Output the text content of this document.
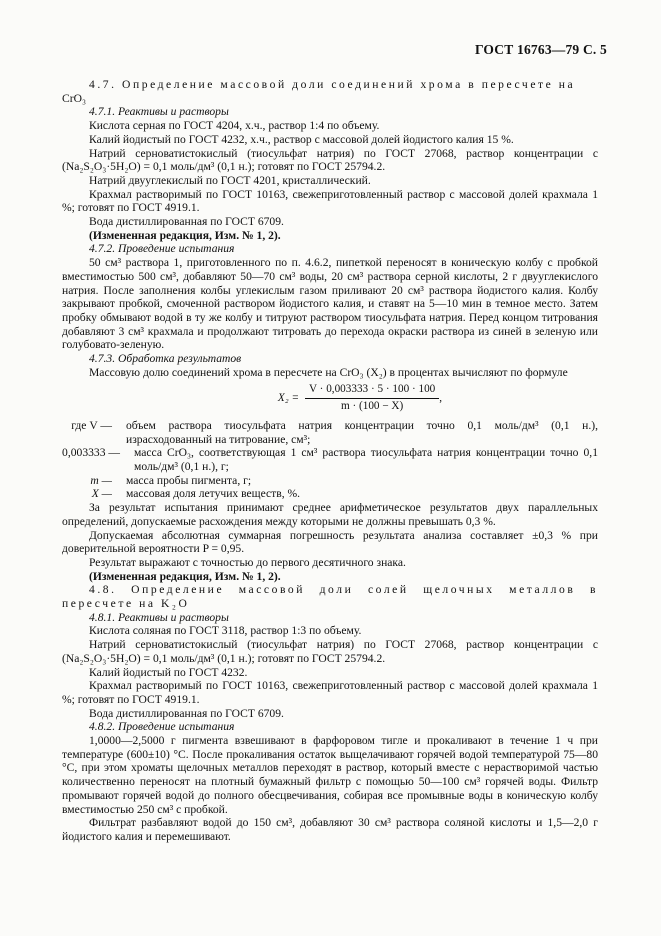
ГОСТ 16763—79 С. 5

4.7. Определение массовой доли соединений хрома в пересчете на

CrO₃

4.7.1. Реактивы и растворы

Кислота серная по ГОСТ 4204, х.ч., раствор 1:4 по объему.

Калий йодистый по ГОСТ 4232, х.ч., раствор с массовой долей йодистого калия 15 %.

Натрий серноватистокислый (тиосульфат натрия) по ГОСТ 27068, раствор концентрации c (Na₂S₂O₃·5H₂O) = 0,1 моль/дм³ (0,1 н.); готовят по ГОСТ 25794.2.

Натрий двууглекислый по ГОСТ 4201, кристаллический.

Крахмал растворимый по ГОСТ 10163, свежеприготовленный раствор с массовой долей крахмала 1 %; готовят по ГОСТ 4919.1.

Вода дистиллированная по ГОСТ 6709.

(Измененная редакция, Изм. № 1, 2).

4.7.2. Проведение испытания

50 см³ раствора 1, приготовленного по п. 4.6.2, пипеткой переносят в коническую колбу с пробкой вместимостью 500 см³, добавляют 50—70 см³ воды, 20 см³ раствора серной кислоты, 2 г двууглекислого натрия. После заполнения колбы углекислым газом приливают 20 см³ раствора йодистого калия. Колбу закрывают пробкой, смоченной раствором йодистого калия, и ставят на 5—10 мин в темное место. Затем пробку обмывают водой в ту же колбу и титруют раствором тиосульфата натрия. Перед концом титрования добавляют 3 см³ крахмала и продолжают титровать до перехода окраски раствора из синей в зеленую или голубовато-зеленую.

4.7.3. Обработка результатов

Массовую долю соединений хрома в пересчете на CrO₃ (X₂) в процентах вычисляют по формуле

$X_2 = \frac{V \cdot 0,003333 \cdot 5 \cdot 100 \cdot 100}{m \cdot (100 - X)}$ ,
где V —	объем раствора тиосульфата натрия концентрации точно 0,1 моль/дм³ (0,1 н.), израсходованный на титрование, см³;
0,003333 —	масса CrO₃, соответствующая 1 см³ раствора тиосульфата натрия концентрации точно 0,1 моль/дм³ (0,1 н.), г;
m —	масса пробы пигмента, г;
X —	массовая доля летучих веществ, %.

За результат испытания принимают среднее арифметическое результатов двух параллельных определений, допускаемые расхождения между которыми не должны превышать 0,3 %.

Допускаемая абсолютная суммарная погрешность результата анализа составляет ±0,3 % при доверительной вероятности P = 0,95.

Результат выражают с точностью до первого десятичного знака.

(Измененная редакция, Изм. № 1, 2).

4.8. Определение массовой доли солей щелочных металлов в пересчете на K₂O

4.8.1. Реактивы и растворы

Кислота соляная по ГОСТ 3118, раствор 1:3 по объему.

Натрий серноватистокислый (тиосульфат натрия) по ГОСТ 27068, раствор концентрации c (Na₂S₂O₃·5H₂O) = 0,1 моль/дм³ (0,1 н.); готовят по ГОСТ 25794.2.

Калий йодистый по ГОСТ 4232.

Крахмал растворимый по ГОСТ 10163, свежеприготовленный раствор с массовой долей крахмала 1 %; готовят по ГОСТ 4919.1.

Вода дистиллированная по ГОСТ 6709.

4.8.2. Проведение испытания

1,0000—2,5000 г пигмента взвешивают в фарфоровом тигле и прокаливают в течение 1 ч при температуре (600±10) °С. После прокаливания остаток выщелачивают горячей водой температурой 75—80 °С, при этом хроматы щелочных металлов переходят в раствор, который вместе с нерастворимой частью количественно переносят на плотный бумажный фильтр с помощью 50—100 см³ горячей воды. Фильтр промывают горячей водой до полного обесцвечивания, собирая все промывные воды в коническую колбу вместимостью 250 см³ с пробкой.

Фильтрат разбавляют водой до 150 см³, добавляют 30 см³ раствора соляной кислоты и 1,5—2,0 г йодистого калия и перемешивают.
